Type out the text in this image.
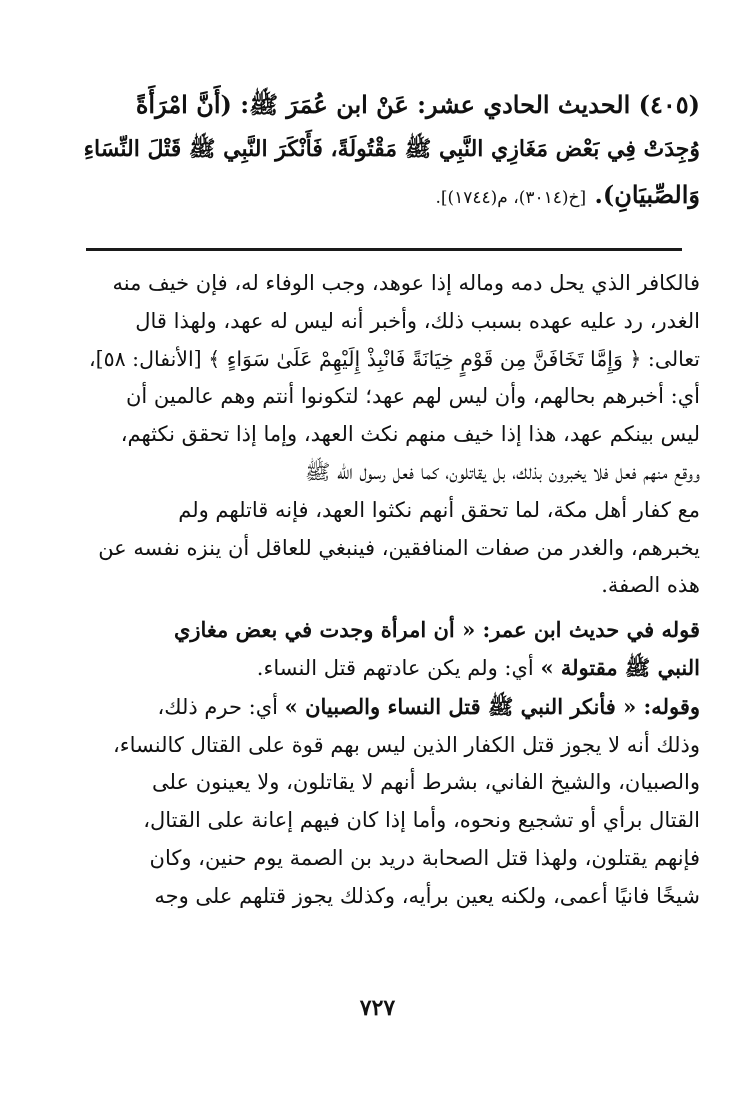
(٤٠٥) الحديث الحادي عشر: عَنْ ابن عُمَرَ ﷺ: (أَنَّ امْرَأَةً
وُجِدَتْ فِي بَعْض مَغَازِي النَّبِي ﷺ مَقْتُولَةً، فَأَنْكَرَ النَّبِي ﷺ قَتْلَ النِّسَاءِ
وَالصِّبيَانِ). [خ(٣٠١٤)، م(١٧٤٤)].
فالكافر الذي يحل دمه وماله إذا عوهد، وجب الوفاء له، فإن خيف منه
الغدر، رد عليه عهده بسبب ذلك، وأخبر أنه ليس له عهد، ولهذا قال
تعالى: ﴿ وَإِمَّا تَخَافَنَّ مِن قَوْمٍ خِيَانَةً فَانْبِذْ إِلَيْهِمْ عَلَىٰ سَوَاءٍ ﴾ [الأنفال: ٥٨]،
أي: أخبرهم بحالهم، وأن ليس لهم عهد؛ لتكونوا أنتم وهم عالمين أن
ليس بينكم عهد، هذا إذا خيف منهم نكث العهد، وإما إذا تحقق نكثهم،
ووقع منهم فعل فلا يخبرون بذلك، بل يقاتلون، كما فعل رسول الله ﷺ
مع كفار أهل مكة، لما تحقق أنهم نكثوا العهد، فإنه قاتلهم ولم
يخبرهم، والغدر من صفات المنافقين، فينبغي للعاقل أن ينزه نفسه عن
هذه الصفة.
قوله في حديث ابن عمر: « أن امرأة وجدت في بعض مغازي
النبي ﷺ مقتولة » أي: ولم يكن عادتهم قتل النساء.
وقوله: « فأنكر النبي ﷺ قتل النساء والصبيان » أي: حرم ذلك،
وذلك أنه لا يجوز قتل الكفار الذين ليس بهم قوة على القتال كالنساء،
والصبيان، والشيخ الفاني، بشرط أنهم لا يقاتلون، ولا يعينون على
القتال برأي أو تشجيع ونحوه، وأما إذا كان فيهم إعانة على القتال،
فإنهم يقتلون، ولهذا قتل الصحابة دريد بن الصمة يوم حنين، وكان
شيخًا فانيًا أعمى، ولكنه يعين برأيه، وكذلك يجوز قتلهم على وجه
٧٢٧
